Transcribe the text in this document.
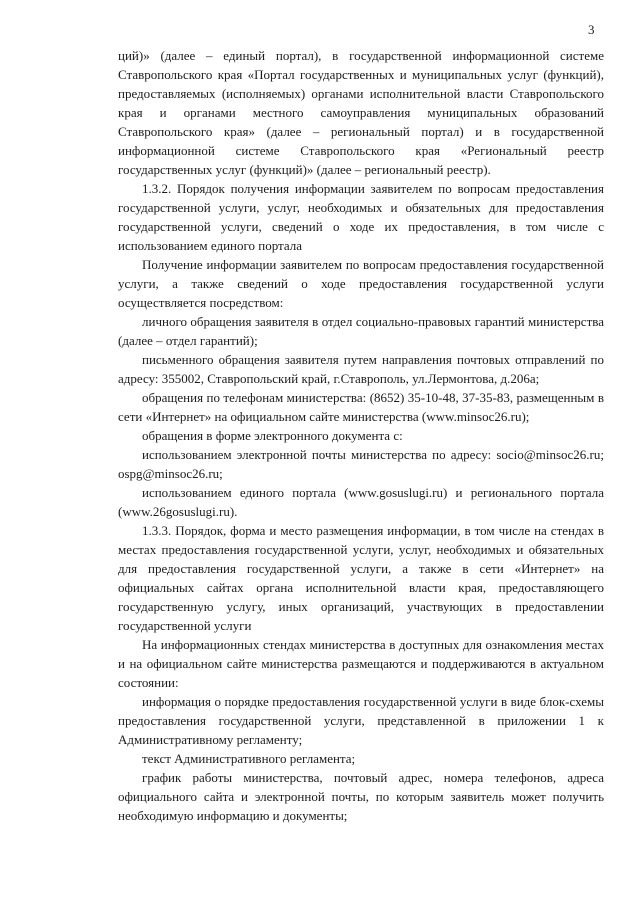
3

ций)» (далее – единый портал), в государственной информационной системе Ставропольского края «Портал государственных и муниципальных услуг (функций), предоставляемых (исполняемых) органами исполнительной власти Ставропольского края и органами местного самоуправления муниципальных образований Ставропольского края» (далее – региональный портал) и в государственной информационной системе Ставропольского края «Региональный реестр государственных услуг (функций)» (далее – региональный реестр).

1.3.2. Порядок получения информации заявителем по вопросам предоставления государственной услуги, услуг, необходимых и обязательных для предоставления государственной услуги, сведений о ходе их предоставления, в том числе с использованием единого портала

Получение информации заявителем по вопросам предоставления государственной услуги, а также сведений о ходе предоставления государственной услуги осуществляется посредством:

личного обращения заявителя в отдел социально-правовых гарантий министерства (далее – отдел гарантий);

письменного обращения заявителя путем направления почтовых отправлений по адресу: 355002, Ставропольский край, г.Ставрополь, ул.Лермонтова, д.206а;

обращения по телефонам министерства: (8652) 35-10-48, 37-35-83, размещенным в сети «Интернет» на официальном сайте министерства (www.minsoc26.ru);

обращения в форме электронного документа с:

использованием электронной почты министерства по адресу: socio@minsoc26.ru; ospg@minsoc26.ru;

использованием единого портала (www.gosuslugi.ru) и регионального портала (www.26gosuslugi.ru).

1.3.3. Порядок, форма и место размещения информации, в том числе на стендах в местах предоставления государственной услуги, услуг, необходимых и обязательных для предоставления государственной услуги, а также в сети «Интернет» на официальных сайтах органа исполнительной власти края, предоставляющего государственную услугу, иных организаций, участвующих в предоставлении государственной услуги

На информационных стендах министерства в доступных для ознакомления местах и на официальном сайте министерства размещаются и поддерживаются в актуальном состоянии:

информация о порядке предоставления государственной услуги в виде блок-схемы предоставления государственной услуги, представленной в приложении 1 к Административному регламенту;

текст Административного регламента;

график работы министерства, почтовый адрес, номера телефонов, адреса официального сайта и электронной почты, по которым заявитель может получить необходимую информацию и документы;
